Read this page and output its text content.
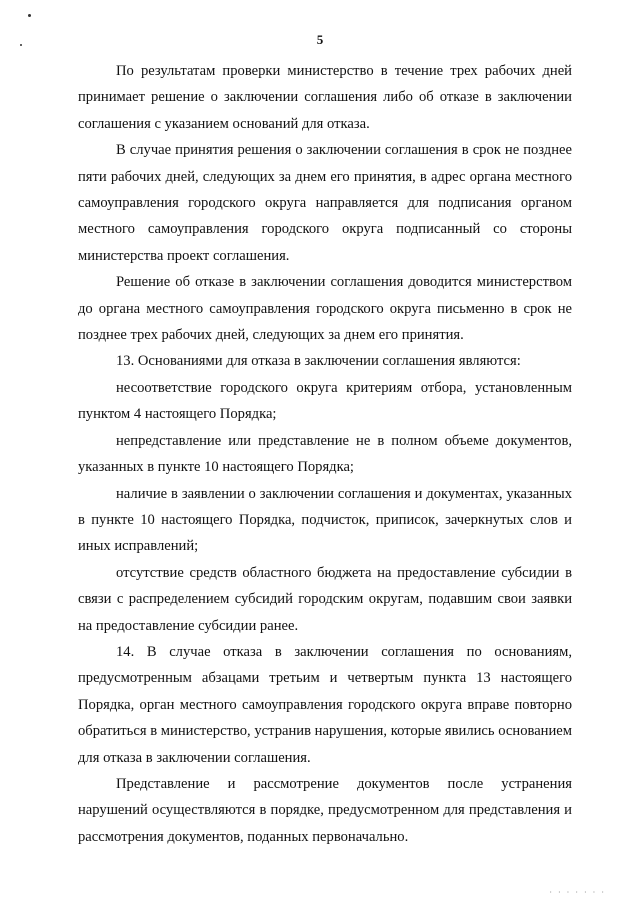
5

По результатам проверки министерство в течение трех рабочих дней принимает решение о заключении соглашения либо об отказе в заключении соглашения с указанием оснований для отказа.

В случае принятия решения о заключении соглашения в срок не позднее пяти рабочих дней, следующих за днем его принятия, в адрес органа местного самоуправления городского округа направляется для подписания органом местного самоуправления городского округа подписанный со стороны министерства проект соглашения.

Решение об отказе в заключении соглашения доводится министерством до органа местного самоуправления городского округа письменно в срок не позднее трех рабочих дней, следующих за днем его принятия.

13. Основаниями для отказа в заключении соглашения являются:

несоответствие городского округа критериям отбора, установленным пунктом 4 настоящего Порядка;

непредставление или представление не в полном объеме документов, указанных в пункте 10 настоящего Порядка;

наличие в заявлении о заключении соглашения и документах, указанных в пункте 10 настоящего Порядка, подчисток, приписок, зачеркнутых слов и иных исправлений;

отсутствие средств областного бюджета на предоставление субсидии в связи с распределением субсидий городским округам, подавшим свои заявки на предоставление субсидии ранее.

14. В случае отказа в заключении соглашения по основаниям, предусмотренным абзацами третьим и четвертым пункта 13 настоящего Порядка, орган местного самоуправления городского округа вправе повторно обратиться в министерство, устранив нарушения, которые явились основанием для отказа в заключении соглашения.

Представление и рассмотрение документов после устранения нарушений осуществляются в порядке, предусмотренном для представления и рассмотрения документов, поданных первоначально.

· · · · · · ·
